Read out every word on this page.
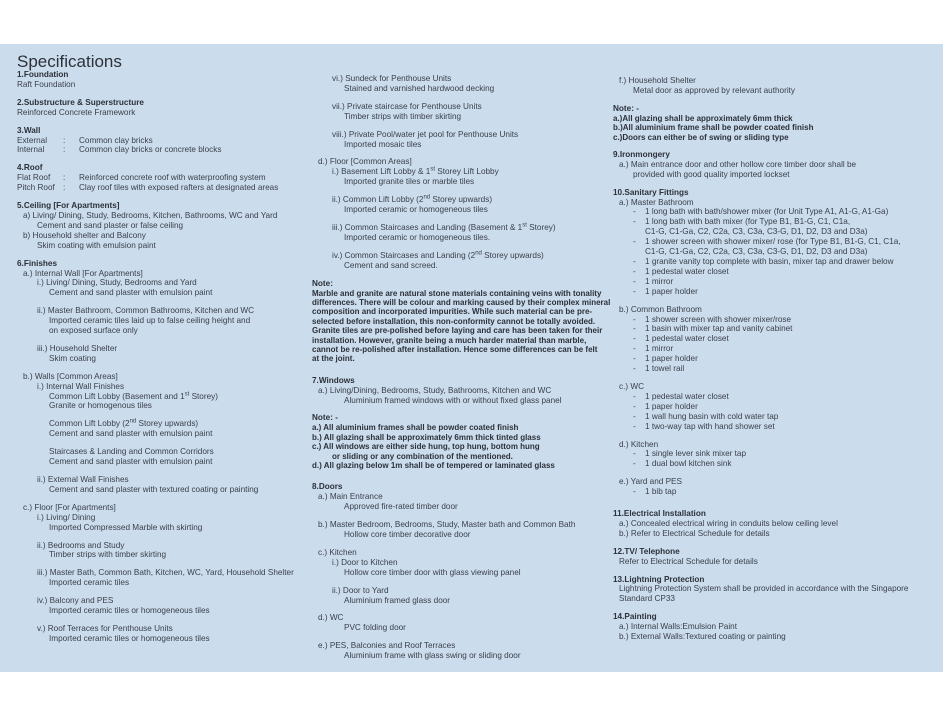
Specifications
1.Foundation
Raft Foundation
2.Substructure & Superstructure
Reinforced Concrete Framework
3.Wall
External	:	Common clay bricks
Internal	:	Common clay bricks or concrete blocks
4.Roof
Flat Roof	:	Reinforced concrete roof with waterproofing system
Pitch Roof	:	Clay roof tiles with exposed rafters at designated areas
5.Ceiling [For Apartments]
a) Living/ Dining, Study, Bedrooms, Kitchen, Bathrooms, WC and Yard
Cement and sand plaster or false ceiling
b) Household shelter and Balcony
Skim coating with emulsion paint
6.Finishes
a.) Internal Wall [For Apartments]
i.) Living/ Dining, Study, Bedrooms and Yard
Cement and sand plaster with emulsion paint
ii.) Master Bathroom, Common Bathrooms, Kitchen and WC
Imported ceramic tiles laid up to false ceiling height and
on exposed surface only
iii.) Household Shelter
Skim coating
b.) Walls [Common Areas]
i.) Internal Wall Finishes
Common Lift Lobby (Basement and 1st Storey)
Granite or homogenous tiles
Common Lift Lobby (2nd Storey upwards)
Cement and sand plaster with emulsion paint
Staircases & Landing and Common Corridors
Cement and sand plaster with emulsion paint
ii.) External Wall Finishes
Cement and sand plaster with textured coating or painting
c.) Floor [For Apartments]
i.) Living/ Dining
Imported Compressed Marble with skirting
ii.) Bedrooms and Study
Timber strips with timber skirting
iii.) Master Bath, Common Bath, Kitchen, WC, Yard, Household Shelter
Imported ceramic tiles
iv.) Balcony and PES
Imported ceramic tiles or homogeneous tiles
v.) Roof Terraces for Penthouse Units
Imported ceramic tiles or homogeneous tiles
vi.) Sundeck for Penthouse Units
Stained and varnished hardwood decking
vii.) Private staircase for Penthouse Units
Timber strips with timber skirting
viii.) Private Pool/water jet pool for Penthouse Units
Imported mosaic tiles
d.) Floor [Common Areas]
i.) Basement Lift Lobby & 1st Storey Lift Lobby
Imported granite tiles or marble tiles
ii.) Common Lift Lobby (2nd Storey upwards)
Imported ceramic or homogeneous tiles
iii.) Common Staircases and Landing (Basement & 1st Storey)
Imported ceramic or homogeneous tiles.
iv.) Common Staircases and Landing (2nd Storey upwards)
Cement and sand screed.
Note:
Marble and granite are natural stone materials containing veins with tonality
differences. There will be colour and marking caused by their complex mineral
composition and incorporated impurities. While such material can be pre-
selected before installation, this non-conformity cannot be totally avoided.
Granite tiles are pre-polished before laying and care has been taken for their
installation. However, granite being a much harder material than marble,
cannot be re-polished after installation. Hence some differences can be felt
at the joint.
7.Windows
a.) Living/Dining, Bedrooms, Study, Bathrooms, Kitchen and WC
Aluminium framed windows with or without fixed glass panel
Note: -
a.) All aluminium frames shall be powder coated finish
b.) All glazing shall be approximately 6mm thick tinted glass
c.) All windows are either side hung, top hung, bottom hung
or sliding or any combination of the mentioned.
d.) All glazing below 1m shall be of tempered or laminated glass
8.Doors
a.) Main Entrance
Approved fire-rated timber door
b.) Master Bedroom, Bedrooms, Study, Master bath and Common Bath
Hollow core timber decorative door
c.) Kitchen
i.) Door to Kitchen
Hollow core timber door with glass viewing panel
ii.) Door to Yard
Aluminium framed glass door
d.) WC
PVC folding door
e.) PES, Balconies and Roof Terraces
Aluminium frame with glass swing or sliding door
f.) Household Shelter
Metal door as approved by relevant authority
Note: -
a.)All glazing shall be approximately 6mm thick
b.)All aluminium frame shall be powder coated finish
c.)Doors can either be of swing or sliding type
9.Ironmongery
a.) Main entrance door and other hollow core timber door shall be
provided with good quality imported lockset
10.Sanitary Fittings
a.) Master Bathroom
-	1 long bath with bath/shower mixer (for Unit Type A1, A1-G, A1-Ga)
-	1 long bath with bath mixer (for Type B1, B1-G, C1, C1a,
C1-G, C1-Ga, C2, C2a, C3, C3a, C3-G, D1, D2, D3 and D3a)
-	1 shower screen with shower mixer/ rose (for Type B1, B1-G, C1, C1a,
C1-G, C1-Ga, C2, C2a, C3, C3a, C3-G, D1, D2, D3 and D3a)
-	1 granite vanity top complete with basin, mixer tap and drawer below
-	1 pedestal water closet
-	1 mirror
-	1 paper holder
b.) Common Bathroom
-	1 shower screen with shower mixer/rose
-	1 basin with mixer tap and vanity cabinet
-	1 pedestal water closet
-	1 mirror
-	1 paper holder
-	1 towel rail
c.) WC
-	1 pedestal water closet
-	1 paper holder
-	1 wall hung basin with cold water tap
-	1 two-way tap with hand shower set
d.) Kitchen
-	1 single lever sink mixer tap
-	1 dual bowl kitchen sink
e.) Yard and PES
-	1 bib tap
11.Electrical Installation
a.) Concealed electrical wiring in conduits below ceiling level
b.) Refer to Electrical Schedule for details
12.TV/ Telephone
Refer to Electrical Schedule for details
13.Lightning Protection
Lightning Protection System shall be provided in accordance with the Singapore
Standard CP33
14.Painting
a.) Internal Walls:Emulsion Paint
b.) External Walls:Textured coating or painting
